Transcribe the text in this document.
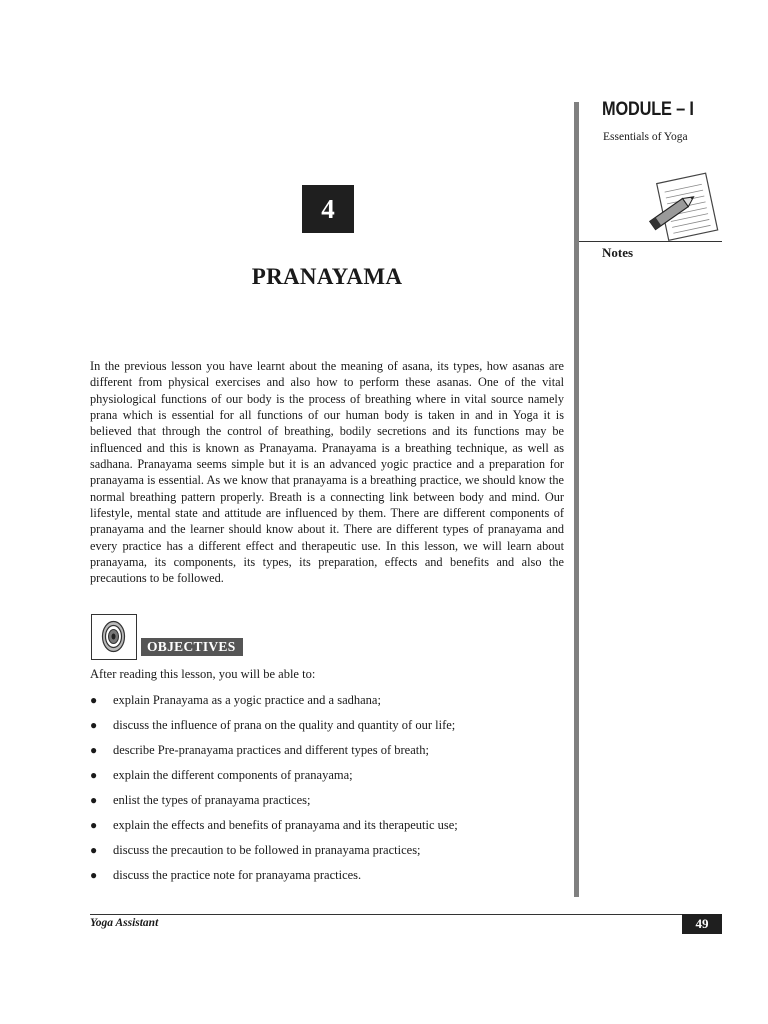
MODULE – I
Essentials of Yoga
Notes
4
PRANAYAMA
In the previous lesson you have learnt about the meaning of asana, its types, how asanas are different from physical exercises and also how to perform these asanas. One of the vital physiological functions of our body is the process of breathing where in vital source namely prana which is essential for all functions of our human body is taken in and in Yoga it is believed that through the control of breathing, bodily secretions and its functions may be influenced and this is known as Pranayama. Pranayama is a breathing technique, as well as sadhana. Pranayama seems simple but it is an advanced yogic practice and a preparation for pranayama is essential. As we know that pranayama is a breathing practice, we should know the normal breathing pattern properly. Breath is a connecting link between body and mind. Our lifestyle, mental state and attitude are influenced by them. There are different components of pranayama and the learner should know about it. There are different types of pranayama and every practice has a different effect and therapeutic use. In this lesson, we will learn about pranayama, its components, its types, its preparation, effects and benefits and also the precautions to be followed.
OBJECTIVES
After reading this lesson, you will be able to:
● explain Pranayama as a yogic practice and a sadhana;
● discuss the influence of prana on the quality and quantity of our life;
● describe Pre-pranayama practices and different types of breath;
● explain the different components of pranayama;
● enlist the types of pranayama practices;
● explain the effects and benefits of pranayama and its therapeutic use;
● discuss the precaution to be followed in pranayama practices;
● discuss the practice note for pranayama practices.
Yoga Assistant	49
